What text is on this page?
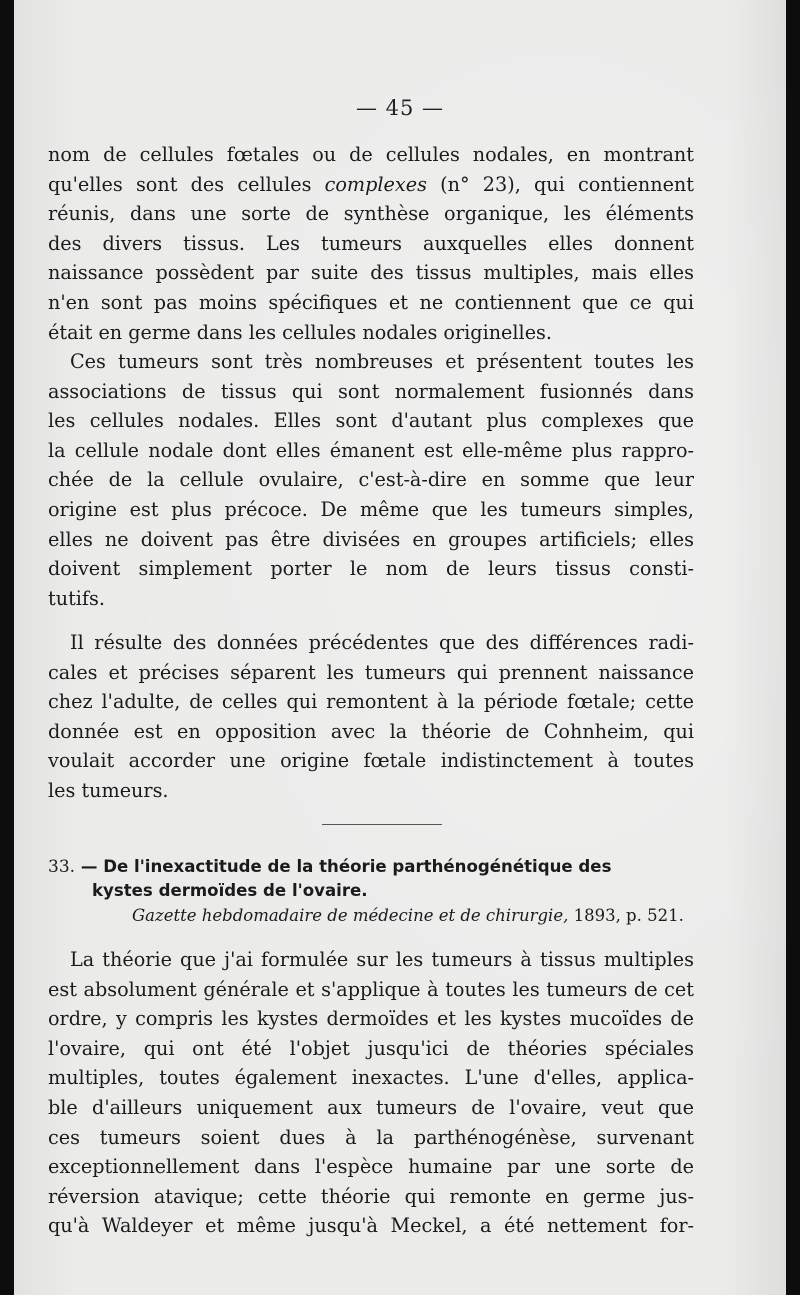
— 45 —

nom de cellules fœtales ou de cellules nodales, en montrant
qu'elles sont des cellules complexes (n° 23), qui contiennent
réunis, dans une sorte de synthèse organique, les éléments
des divers tissus. Les tumeurs auxquelles elles donnent
naissance possèdent par suite des tissus multiples, mais elles
n'en sont pas moins spécifiques et ne contiennent que ce qui
était en germe dans les cellules nodales originelles.
Ces tumeurs sont très nombreuses et présentent toutes les
associations de tissus qui sont normalement fusionnés dans
les cellules nodales. Elles sont d'autant plus complexes que
la cellule nodale dont elles émanent est elle-même plus rappro-
chée de la cellule ovulaire, c'est-à-dire en somme que leur
origine est plus précoce. De même que les tumeurs simples,
elles ne doivent pas être divisées en groupes artificiels; elles
doivent simplement porter le nom de leurs tissus consti-
tutifs.
Il résulte des données précédentes que des différences radi-
cales et précises séparent les tumeurs qui prennent naissance
chez l'adulte, de celles qui remontent à la période fœtale; cette
donnée est en opposition avec la théorie de Cohnheim, qui
voulait accorder une origine fœtale indistinctement à toutes
les tumeurs.
33. — De l'inexactitude de la théorie parthénogénétique des
kystes dermoïdes de l'ovaire.
Gazette hebdomadaire de médecine et de chirurgie, 1893, p. 521.
La théorie que j'ai formulée sur les tumeurs à tissus multiples
est absolument générale et s'applique à toutes les tumeurs de cet
ordre, y compris les kystes dermoïdes et les kystes mucoïdes de
l'ovaire, qui ont été l'objet jusqu'ici de théories spéciales
multiples, toutes également inexactes. L'une d'elles, applica-
ble d'ailleurs uniquement aux tumeurs de l'ovaire, veut que
ces tumeurs soient dues à la parthénogénèse, survenant
exceptionnellement dans l'espèce humaine par une sorte de
réversion atavique; cette théorie qui remonte en germe jus-
qu'à Waldeyer et même jusqu'à Meckel, a été nettement for-
